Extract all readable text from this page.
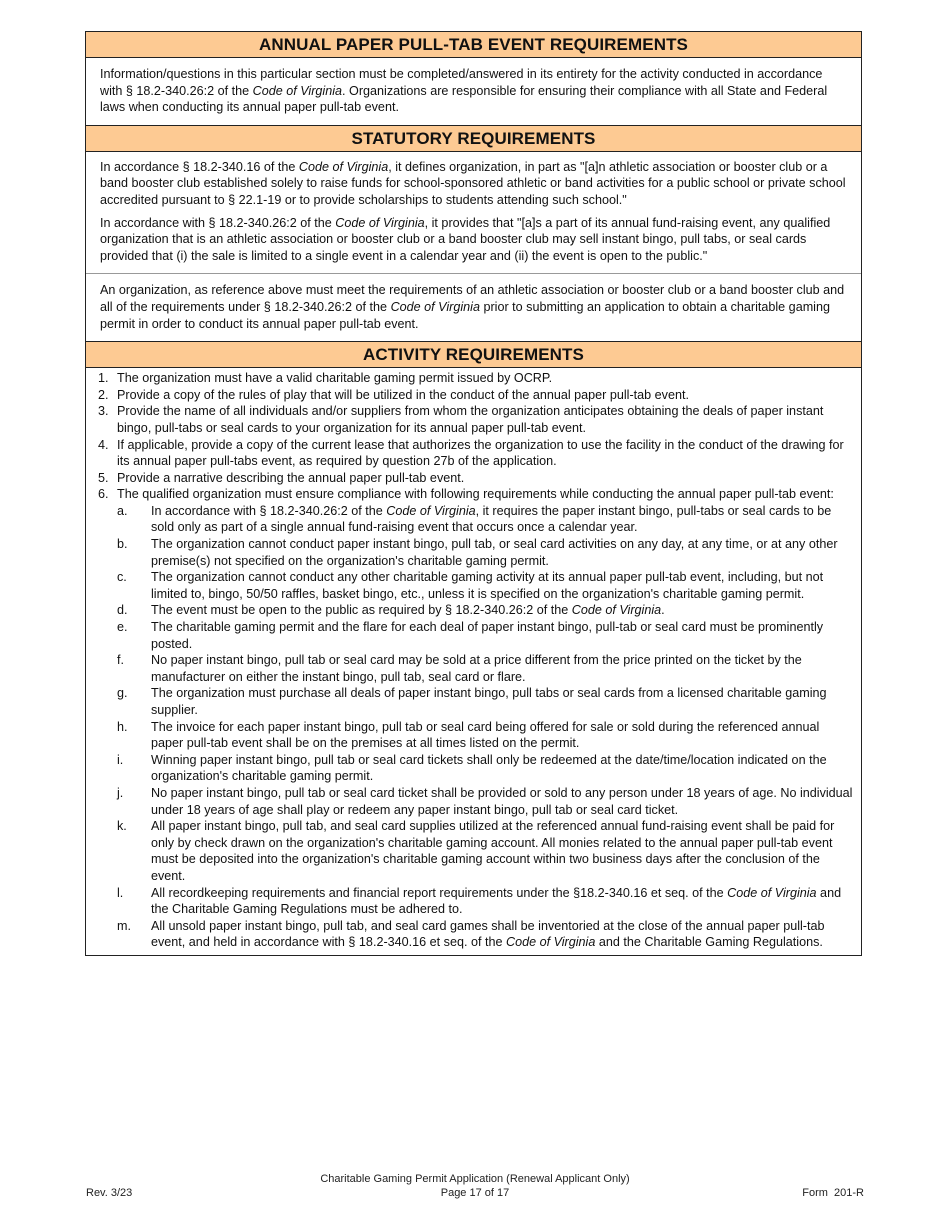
ANNUAL PAPER PULL-TAB EVENT REQUIREMENTS

Information/questions in this particular section must be completed/answered in its entirety for the activity conducted in accordance with § 18.2-340.26:2 of the Code of Virginia. Organizations are responsible for ensuring their compliance with all State and Federal laws when conducting its annual paper pull-tab event.

STATUTORY REQUIREMENTS

In accordance § 18.2-340.16 of the Code of Virginia, it defines organization, in part as "[a]n athletic association or booster club or a band booster club established solely to raise funds for school-sponsored athletic or band activities for a public school or private school accredited pursuant to § 22.1-19 or to provide scholarships to students attending such school."

In accordance with § 18.2-340.26:2 of the Code of Virginia, it provides that "[a]s a part of its annual fund-raising event, any qualified organization that is an athletic association or booster club or a band booster club may sell instant bingo, pull tabs, or seal cards provided that (i) the sale is limited to a single event in a calendar year and (ii) the event is open to the public."

An organization, as reference above must meet the requirements of an athletic association or booster club or a band booster club and all of the requirements under § 18.2-340.26:2 of the Code of Virginia prior to submitting an application to obtain a charitable gaming permit in order to conduct its annual paper pull-tab event.

ACTIVITY REQUIREMENTS
1. The organization must have a valid charitable gaming permit issued by OCRP.
2. Provide a copy of the rules of play that will be utilized in the conduct of the annual paper pull-tab event.
3. Provide the name of all individuals and/or suppliers from whom the organization anticipates obtaining the deals of paper instant bingo, pull-tabs or seal cards to your organization for its annual paper pull-tab event.
4. If applicable, provide a copy of the current lease that authorizes the organization to use the facility in the conduct of the drawing for its annual paper pull-tabs event, as required by question 27b of the application.
5. Provide a narrative describing the annual paper pull-tab event.
6. The qualified organization must ensure compliance with following requirements while conducting the annual paper pull-tab event:
a.	In accordance with § 18.2-340.26:2 of the Code of Virginia, it requires the paper instant bingo, pull-tabs or seal cards to be sold only as part of a single annual fund-raising event that occurs once a calendar year.
b.	The organization cannot conduct paper instant bingo, pull tab, or seal card activities on any day, at any time, or at any other premise(s) not specified on the organization's charitable gaming permit.
c.	The organization cannot conduct any other charitable gaming activity at its annual paper pull-tab event, including, but not limited to, bingo, 50/50 raffles, basket bingo, etc., unless it is specified on the organization's charitable gaming permit.
d.	The event must be open to the public as required by § 18.2-340.26:2 of the Code of Virginia.
e.	The charitable gaming permit and the flare for each deal of paper instant bingo, pull-tab or seal card must be prominently posted.
f.	No paper instant bingo, pull tab or seal card may be sold at a price different from the price printed on the ticket by the manufacturer on either the instant bingo, pull tab, seal card or flare.
g.	The organization must purchase all deals of paper instant bingo, pull tabs or seal cards from a licensed charitable gaming supplier.
h.	The invoice for each paper instant bingo, pull tab or seal card being offered for sale or sold during the referenced annual paper pull-tab event shall be on the premises at all times listed on the permit.
i.	Winning paper instant bingo, pull tab or seal card tickets shall only be redeemed at the date/time/location indicated on the organization's charitable gaming permit.
j.	No paper instant bingo, pull tab or seal card ticket shall be provided or sold to any person under 18 years of age. No individual under 18 years of age shall play or redeem any paper instant bingo, pull tab or seal card ticket.
k.	All paper instant bingo, pull tab, and seal card supplies utilized at the referenced annual fund-raising event shall be paid for only by check drawn on the organization's charitable gaming account. All monies related to the annual paper pull-tab event must be deposited into the organization's charitable gaming account within two business days after the conclusion of the event.
l.	All recordkeeping requirements and financial report requirements under the §18.2-340.16 et seq. of the Code of Virginia and the Charitable Gaming Regulations must be adhered to.
m.	All unsold paper instant bingo, pull tab, and seal card games shall be inventoried at the close of the annual paper pull-tab event, and held in accordance with § 18.2-340.16 et seq. of the Code of Virginia and the Charitable Gaming Regulations.
Rev. 3/23
Charitable Gaming Permit Application (Renewal Applicant Only)
Page 17 of 17	Form  201-R
